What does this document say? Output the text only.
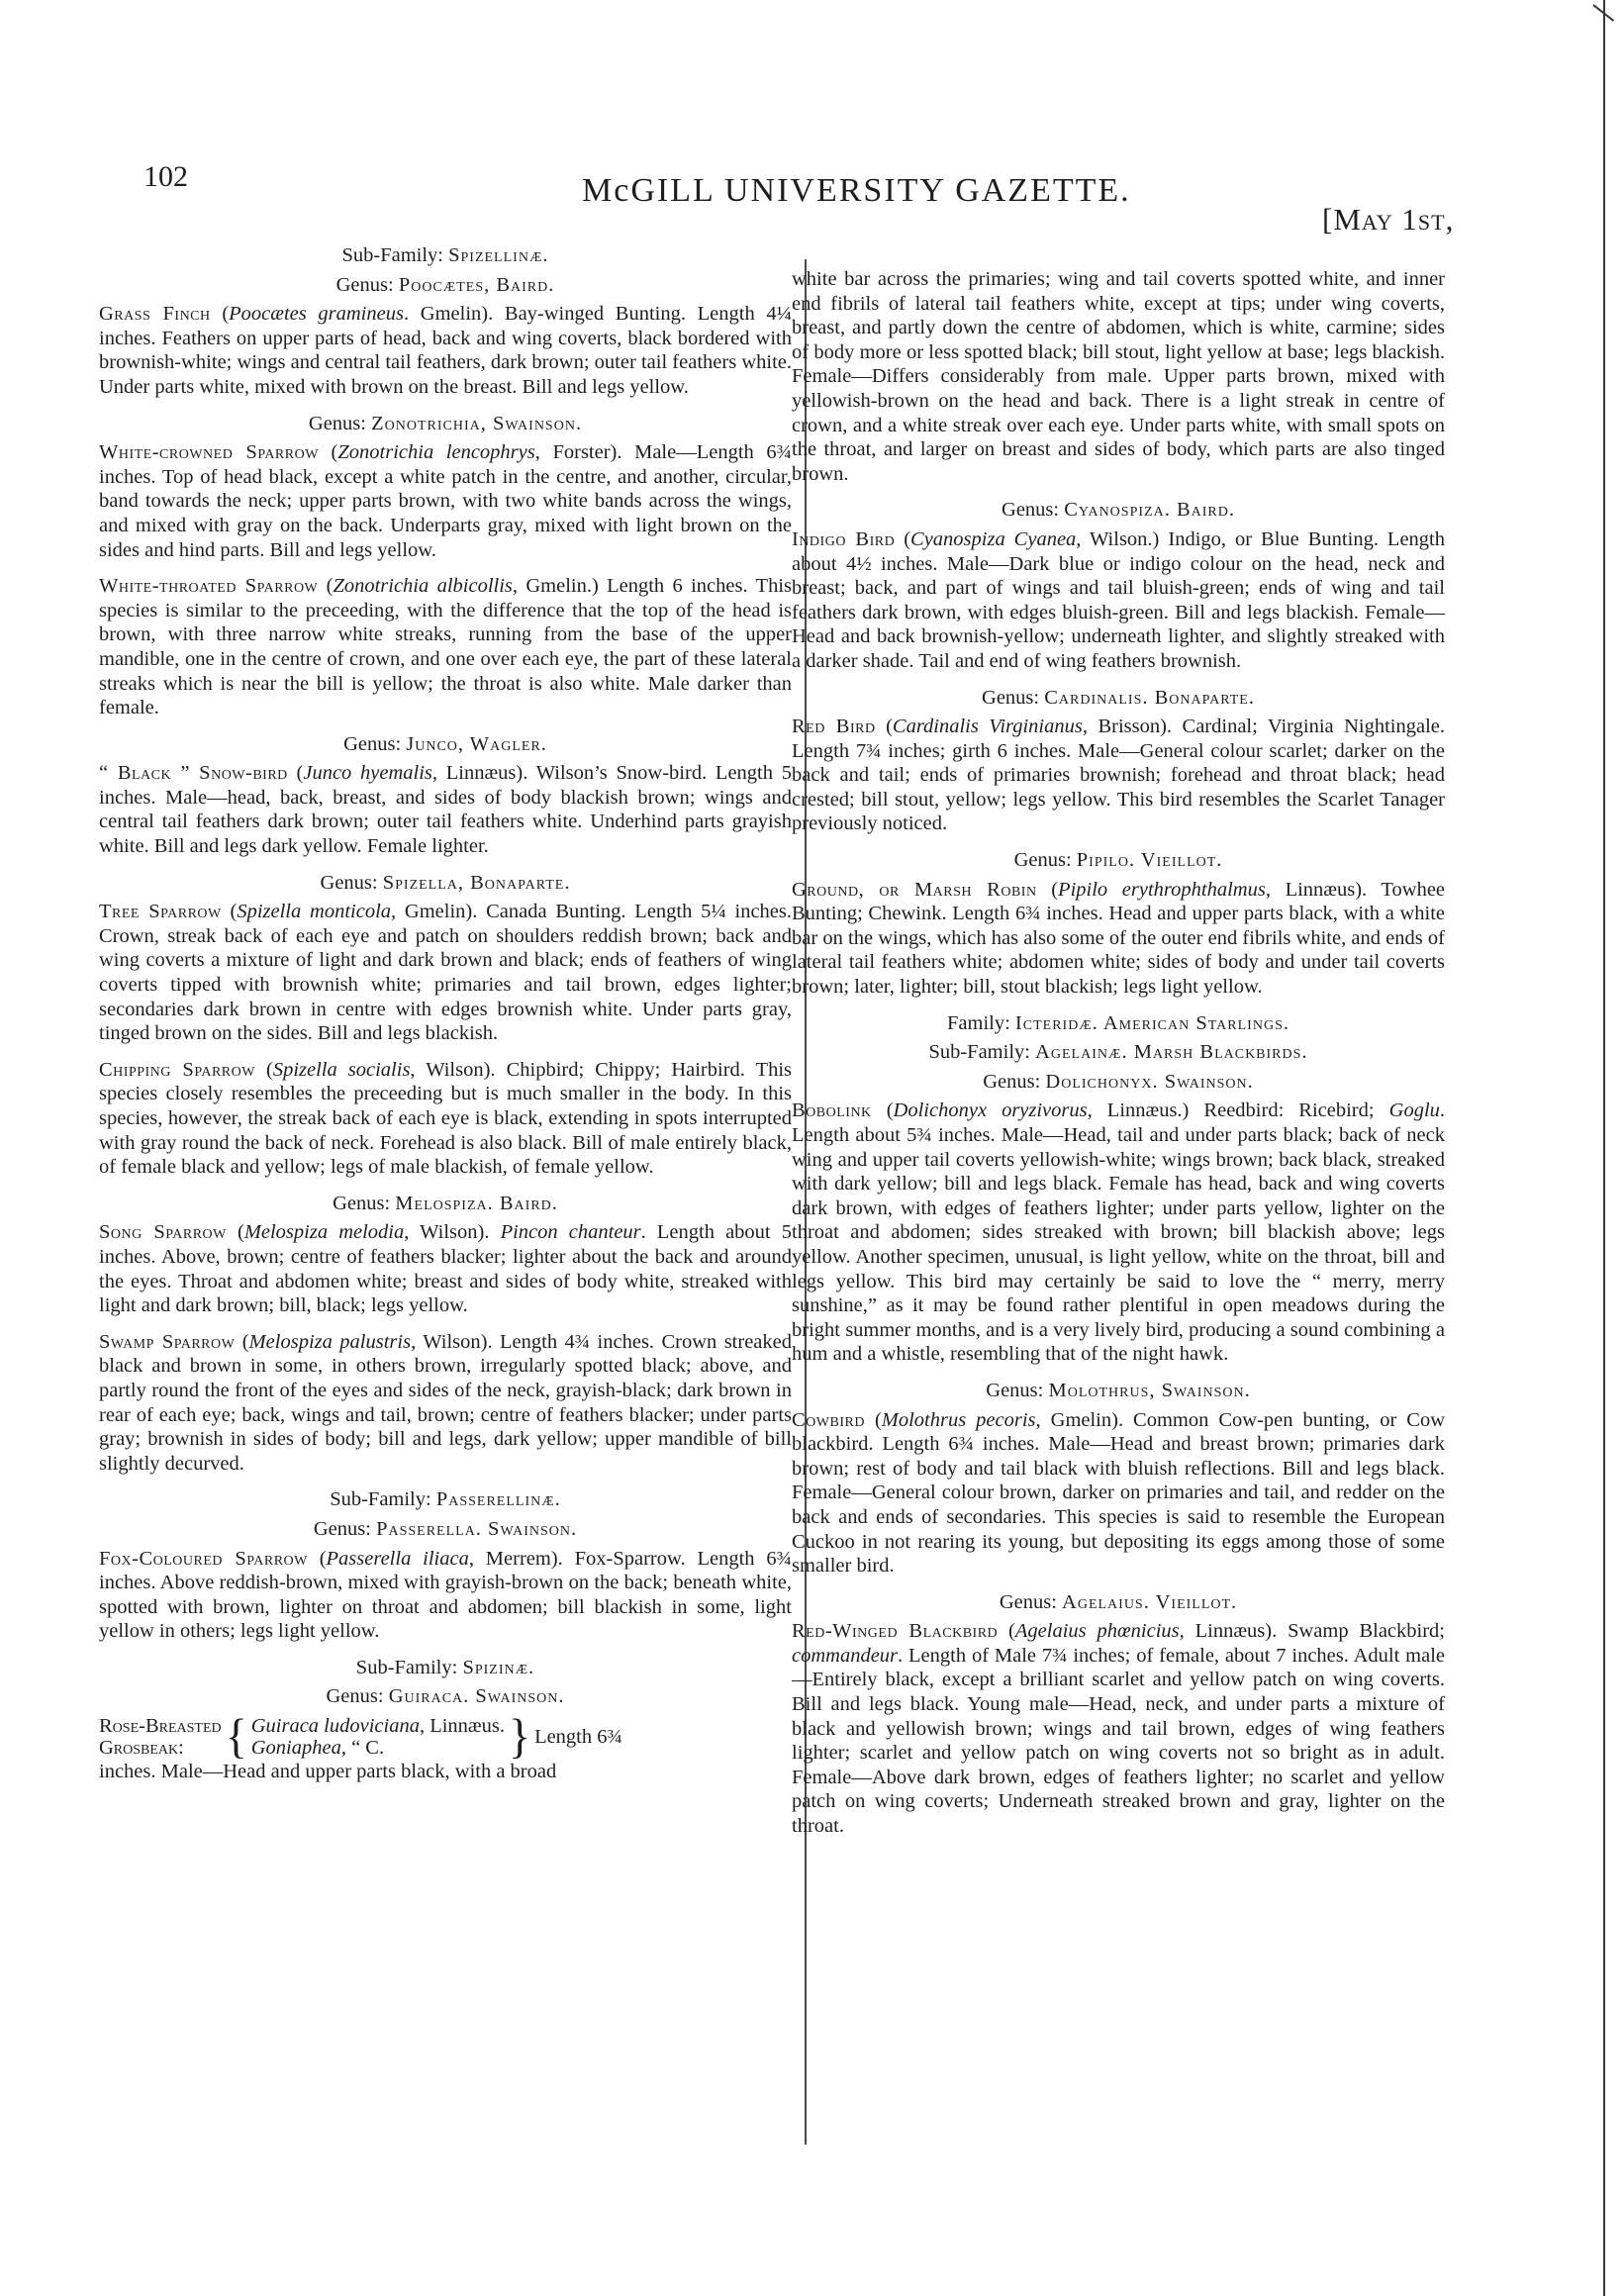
102	McGILL UNIVERSITY GAZETTE.
[May 1st,
Sub-Family: Spizellinæ.
Genus: Poocætes, Baird.
Grass Finch (Poocætes gramineus. Gmelin). Bay-winged Bunting. Length 4¼ inches. Feathers on upper parts of head, back and wing coverts, black bordered with brownish-white; wings and central tail feathers, dark brown; outer tail feathers white. Under parts white, mixed with brown on the breast. Bill and legs yellow.
Genus: Zonotrichia, Swainson.
White-crowned Sparrow (Zonotrichia lencophrys, Forster). Male—Length 6¾ inches. Top of head black, except a white patch in the centre, and another, circular, band towards the neck; upper parts brown, with two white bands across the wings, and mixed with gray on the back. Underparts gray, mixed with light brown on the sides and hind parts. Bill and legs yellow.
White-throated Sparrow (Zonotrichia albicollis, Gmelin.) Length 6 inches. This species is similar to the preceeding, with the difference that the top of the head is brown, with three narrow white streaks, running from the base of the upper mandible, one in the centre of crown, and one over each eye, the part of these lateral streaks which is near the bill is yellow; the throat is also white. Male darker than female.
Genus: Junco, Wagler.
“ Black ” Snow-bird (Junco hyemalis, Linnæus). Wilson’s Snow-bird. Length 5 inches. Male—head, back, breast, and sides of body blackish brown; wings and central tail feathers dark brown; outer tail feathers white. Underhind parts grayish white. Bill and legs dark yellow. Female lighter.
Genus: Spizella, Bonaparte.
Tree Sparrow (Spizella monticola, Gmelin). Canada Bunting. Length 5¼ inches. Crown, streak back of each eye and patch on shoulders reddish brown; back and wing coverts a mixture of light and dark brown and black; ends of feathers of wing coverts tipped with brownish white; primaries and tail brown, edges lighter; secondaries dark brown in centre with edges brownish white. Under parts gray, tinged brown on the sides. Bill and legs blackish.
Chipping Sparrow (Spizella socialis, Wilson). Chipbird; Chippy; Hairbird. This species closely resembles the preceeding but is much smaller in the body. In this species, however, the streak back of each eye is black, extending in spots interrupted with gray round the back of neck. Forehead is also black. Bill of male entirely black, of female black and yellow; legs of male blackish, of female yellow.
Genus: Melospiza. Baird.
Song Sparrow (Melospiza melodia, Wilson). Pincon chanteur. Length about 5 inches. Above, brown; centre of feathers blacker; lighter about the back and around the eyes. Throat and abdomen white; breast and sides of body white, streaked with light and dark brown; bill, black; legs yellow.
Swamp Sparrow (Melospiza palustris, Wilson). Length 4¾ inches. Crown streaked black and brown in some, in others brown, irregularly spotted black; above, and partly round the front of the eyes and sides of the neck, grayish-black; dark brown in rear of each eye; back, wings and tail, brown; centre of feathers blacker; under parts gray; brownish in sides of body; bill and legs, dark yellow; upper mandible of bill slightly decurved.
Sub-Family: Passerellinæ.
Genus: Passerella. Swainson.
Fox-Coloured Sparrow (Passerella iliaca, Merrem). Fox-Sparrow. Length 6¾ inches. Above reddish-brown, mixed with grayish-brown on the back; beneath white, spotted with brown, lighter on throat and abdomen; bill blackish in some, light yellow in others; legs light yellow.
Sub-Family: Spizinæ.
Genus: Guiraca. Swainson.
Rose-Breasted
Grosbeak: { Guiraca ludoviciana, Linnæus.
Goniaphea, “ C.	} Length 6¾
inches. Male—Head and upper parts black, with a broad
white bar across the primaries; wing and tail coverts spotted white, and inner end fibrils of lateral tail feathers white, except at tips; under wing coverts, breast, and partly down the centre of abdomen, which is white, carmine; sides of body more or less spotted black; bill stout, light yellow at base; legs blackish. Female—Differs considerably from male. Upper parts brown, mixed with yellowish-brown on the head and back. There is a light streak in centre of crown, and a white streak over each eye. Under parts white, with small spots on the throat, and larger on breast and sides of body, which parts are also tinged brown.
Genus: Cyanospiza. Baird.
Indigo Bird (Cyanospiza Cyanea, Wilson.) Indigo, or Blue Bunting. Length about 4½ inches. Male—Dark blue or indigo colour on the head, neck and breast; back, and part of wings and tail bluish-green; ends of wing and tail feathers dark brown, with edges bluish-green. Bill and legs blackish. Female—Head and back brownish-yellow; underneath lighter, and slightly streaked with a darker shade. Tail and end of wing feathers brownish.
Genus: Cardinalis. Bonaparte.
Red Bird (Cardinalis Virginianus, Brisson). Cardinal; Virginia Nightingale. Length 7¾ inches; girth 6 inches. Male—General colour scarlet; darker on the back and tail; ends of primaries brownish; forehead and throat black; head crested; bill stout, yellow; legs yellow. This bird resembles the Scarlet Tanager previously noticed.
Genus: Pipilo. Vieillot.
Ground, or Marsh Robin (Pipilo erythrophthalmus, Linnæus). Towhee Bunting; Chewink. Length 6¾ inches. Head and upper parts black, with a white bar on the wings, which has also some of the outer end fibrils white, and ends of lateral tail feathers white; abdomen white; sides of body and under tail coverts brown; later, lighter; bill, stout blackish; legs light yellow.
Family: Icteridæ. American Starlings.
Sub-Family: Agelainæ. Marsh Blackbirds.
Genus: Dolichonyx. Swainson.
Bobolink (Dolichonyx oryzivorus, Linnæus.) Reedbird: Ricebird; Goglu. Length about 5¾ inches. Male—Head, tail and under parts black; back of neck wing and upper tail coverts yellowish-white; wings brown; back black, streaked with dark yellow; bill and legs black. Female has head, back and wing coverts dark brown, with edges of feathers lighter; under parts yellow, lighter on the throat and abdomen; sides streaked with brown; bill blackish above; legs yellow. Another specimen, unusual, is light yellow, white on the throat, bill and legs yellow. This bird may certainly be said to love the “ merry, merry sunshine,” as it may be found rather plentiful in open meadows during the bright summer months, and is a very lively bird, producing a sound combining a hum and a whistle, resembling that of the night hawk.
Genus: Molothrus, Swainson.
Cowbird (Molothrus pecoris, Gmelin). Common Cow-pen bunting, or Cow blackbird. Length 6¾ inches. Male—Head and breast brown; primaries dark brown; rest of body and tail black with bluish reflections. Bill and legs black. Female—General colour brown, darker on primaries and tail, and redder on the back and ends of secondaries. This species is said to resemble the European Cuckoo in not rearing its young, but depositing its eggs among those of some smaller bird.
Genus: Agelaius. Vieillot.
Red-Winged Blackbird (Agelaius phœnicius, Linnæus). Swamp Blackbird; commandeur. Length of Male 7¾ inches; of female, about 7 inches. Adult male—Entirely black, except a brilliant scarlet and yellow patch on wing coverts. Bill and legs black. Young male—Head, neck, and under parts a mixture of black and yellowish brown; wings and tail brown, edges of wing feathers lighter; scarlet and yellow patch on wing coverts not so bright as in adult. Female—Above dark brown, edges of feathers lighter; no scarlet and yellow patch on wing coverts; Underneath streaked brown and gray, lighter on the throat.
